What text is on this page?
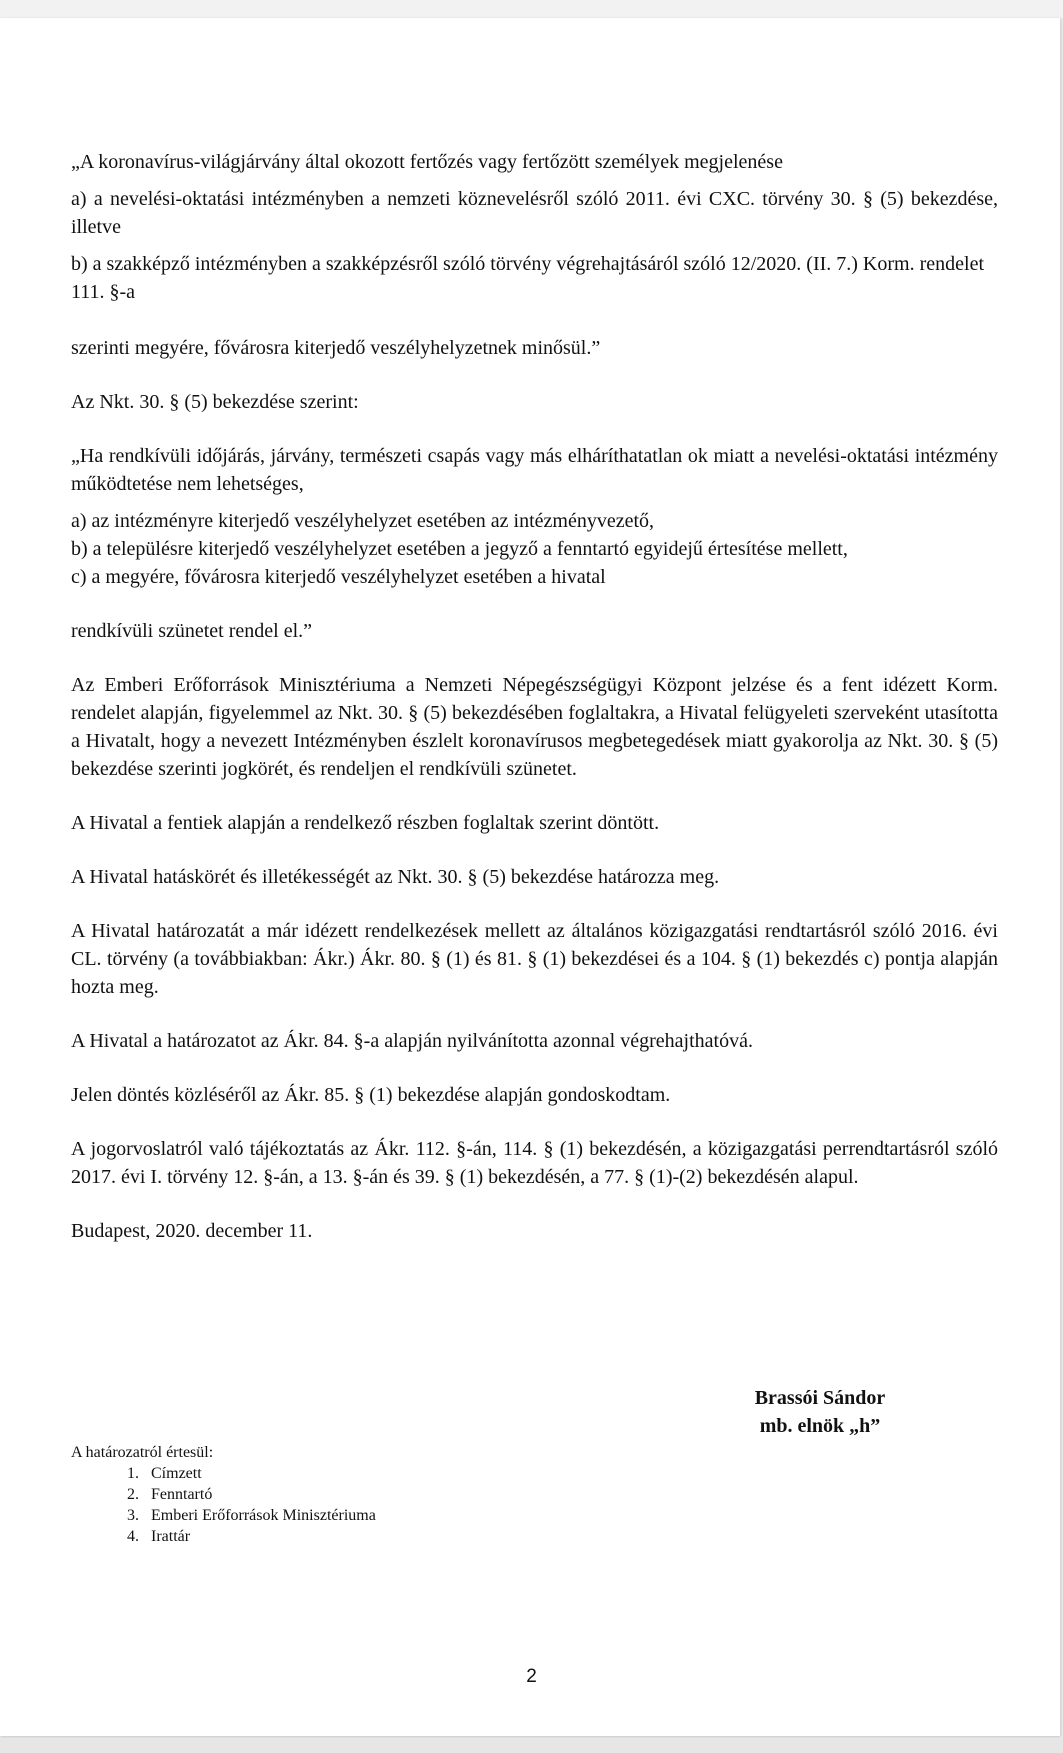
„A koronavírus-világjárvány által okozott fertőzés vagy fertőzött személyek megjelenése

a) a nevelési-oktatási intézményben a nemzeti köznevelésről szóló 2011. évi CXC. törvény 30. § (5) bekezdése, illetve

b) a szakképző intézményben a szakképzésről szóló törvény végrehajtásáról szóló 12/2020. (II. 7.) Korm. rendelet 111. §-a

szerinti megyére, fővárosra kiterjedő veszélyhelyzetnek minősül.”

Az Nkt. 30. § (5) bekezdése szerint:

„Ha rendkívüli időjárás, járvány, természeti csapás vagy más elháríthatatlan ok miatt a nevelési-oktatási intézmény működtetése nem lehetséges,

a) az intézményre kiterjedő veszélyhelyzet esetében az intézményvezető,

b) a településre kiterjedő veszélyhelyzet esetében a jegyző a fenntartó egyidejű értesítése mellett,

c) a megyére, fővárosra kiterjedő veszélyhelyzet esetében a hivatal

rendkívüli szünetet rendel el.”

Az Emberi Erőforrások Minisztériuma a Nemzeti Népegészségügyi Központ jelzése és a fent idézett Korm. rendelet alapján, figyelemmel az Nkt. 30. § (5) bekezdésében foglaltakra, a Hivatal felügyeleti szerveként utasította a Hivatalt, hogy a nevezett Intézményben észlelt koronavírusos megbetegedések miatt gyakorolja az Nkt. 30. § (5) bekezdése szerinti jogkörét, és rendeljen el rendkívüli szünetet.

A Hivatal a fentiek alapján a rendelkező részben foglaltak szerint döntött.

A Hivatal hatáskörét és illetékességét az Nkt. 30. § (5) bekezdése határozza meg.

A Hivatal határozatát a már idézett rendelkezések mellett az általános közigazgatási rendtartásról szóló 2016. évi CL. törvény (a továbbiakban: Ákr.) Ákr. 80. § (1) és 81. § (1) bekezdései és a 104. § (1) bekezdés c) pontja alapján hozta meg.

A Hivatal a határozatot az Ákr. 84. §-a alapján nyilvánította azonnal végrehajthatóvá.

Jelen döntés közléséről az Ákr. 85. § (1) bekezdése alapján gondoskodtam.

A jogorvoslatról való tájékoztatás az Ákr. 112. §-án, 114. § (1) bekezdésén, a közigazgatási perrendtartásról szóló 2017. évi I. törvény 12. §-án, a 13. §-án és 39. § (1) bekezdésén, a 77. § (1)-(2) bekezdésén alapul.

Budapest, 2020. december 11.

Brassói Sándor
mb. elnök „h”
A határozatról értesül:
1. Címzett
2. Fenntartó
3. Emberi Erőforrások Minisztériuma
4. Irattár
2
